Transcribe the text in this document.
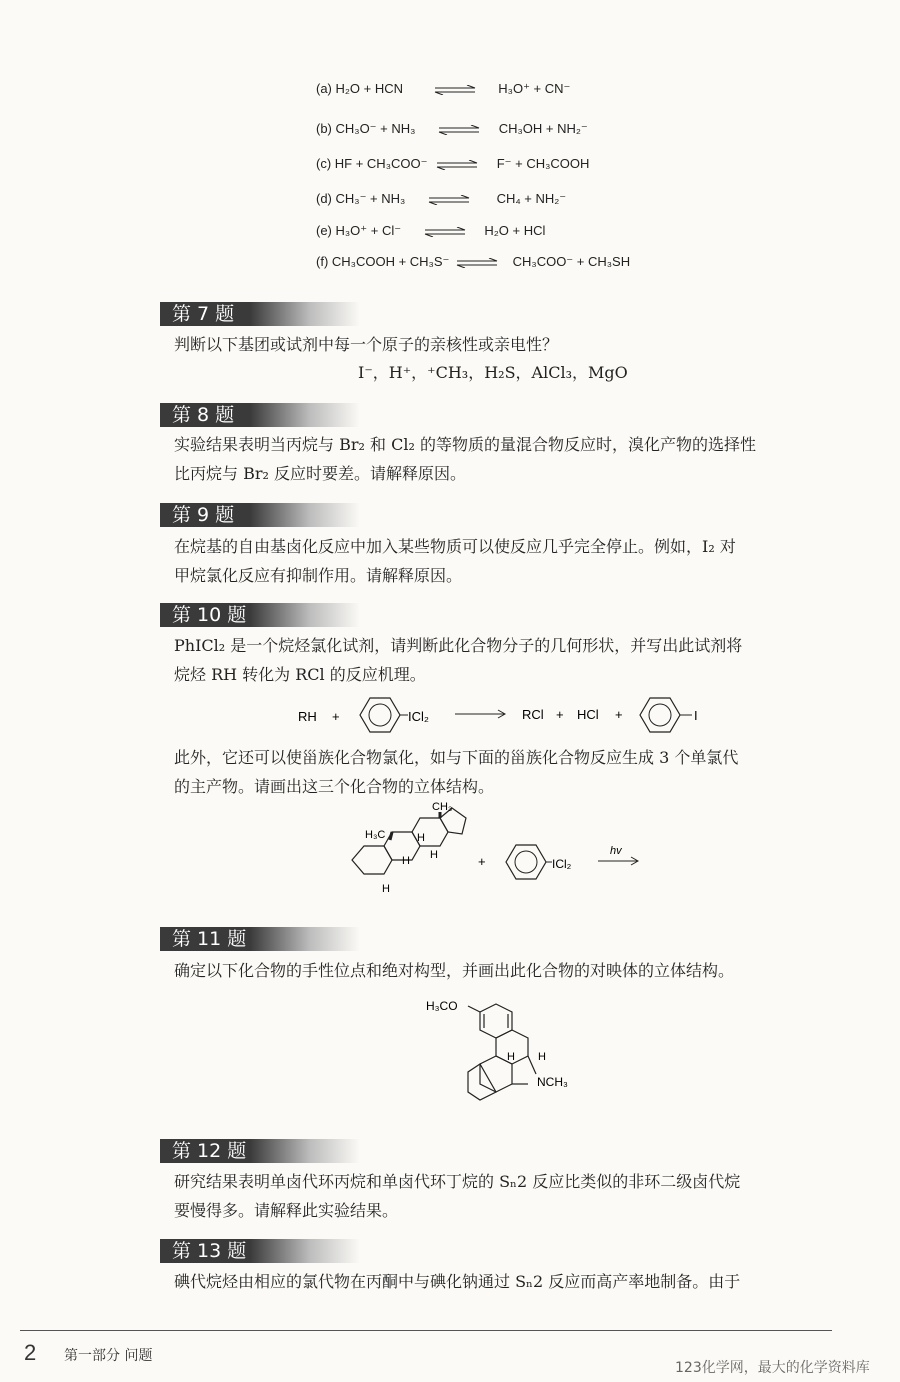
(a) H₂O + HCN	H₃O⁺ + CN⁻
(b) CH₃O⁻ + NH₃ ⇌ CH₃OH + NH₂⁻
(c) HF + CH₃COO⁻ ⇌ F⁻ + CH₃COOH
(d) CH₃⁻ + NH₃	CH₄ + NH₂⁻
(e) H₃O⁺ + Cl⁻ ⇌ H₂O + HCl
(f) CH₃COOH + CH₃S⁻ ⇌ CH₃COO⁻ + CH₃SH
第 7 题

判断以下基团或试剂中每一个原子的亲核性或亲电性？

I⁻，H⁺，⁺CH₃，H₂S，AlCl₃，MgO
第 8 题

实验结果表明当丙烷与 Br₂ 和 Cl₂ 的等物质的量混合物反应时，溴化产物的选择性

比丙烷与 Br₂ 反应时要差。请解释原因。

第 9 题

在烷基的自由基卤化反应中加入某些物质可以使反应几乎完全停止。例如，I₂ 对

甲烷氯化反应有抑制作用。请解释原因。

第 10 题

PhICl₂ 是一个烷烃氯化试剂，请判断此化合物分子的几何形状，并写出此试剂将

烷烃 RH 转化为 RCl 的反应机理。

RH +	ICl₂	RCl + HCl +	I

此外，它还可以使甾族化合物氯化，如与下面的甾族化合物反应生成 3 个单氯代

的主产物。请画出这三个化合物的立体结构。

CH₃
H₃C	H
H H
H
+	ICl₂
hv
第 11 题

确定以下化合物的手性位点和绝对构型，并画出此化合物的对映体的立体结构。

H₃CO
H H
NCH₃
第 12 题

研究结果表明单卤代环丙烷和单卤代环丁烷的 Sₙ2 反应比类似的非环二级卤代烷

要慢得多。请解释此实验结果。

第 13 题

碘代烷烃由相应的氯代物在丙酮中与碘化钠通过 Sₙ2 反应而高产率地制备。由于

2 第一部分 问题
123化学网，最大的化学资料库
